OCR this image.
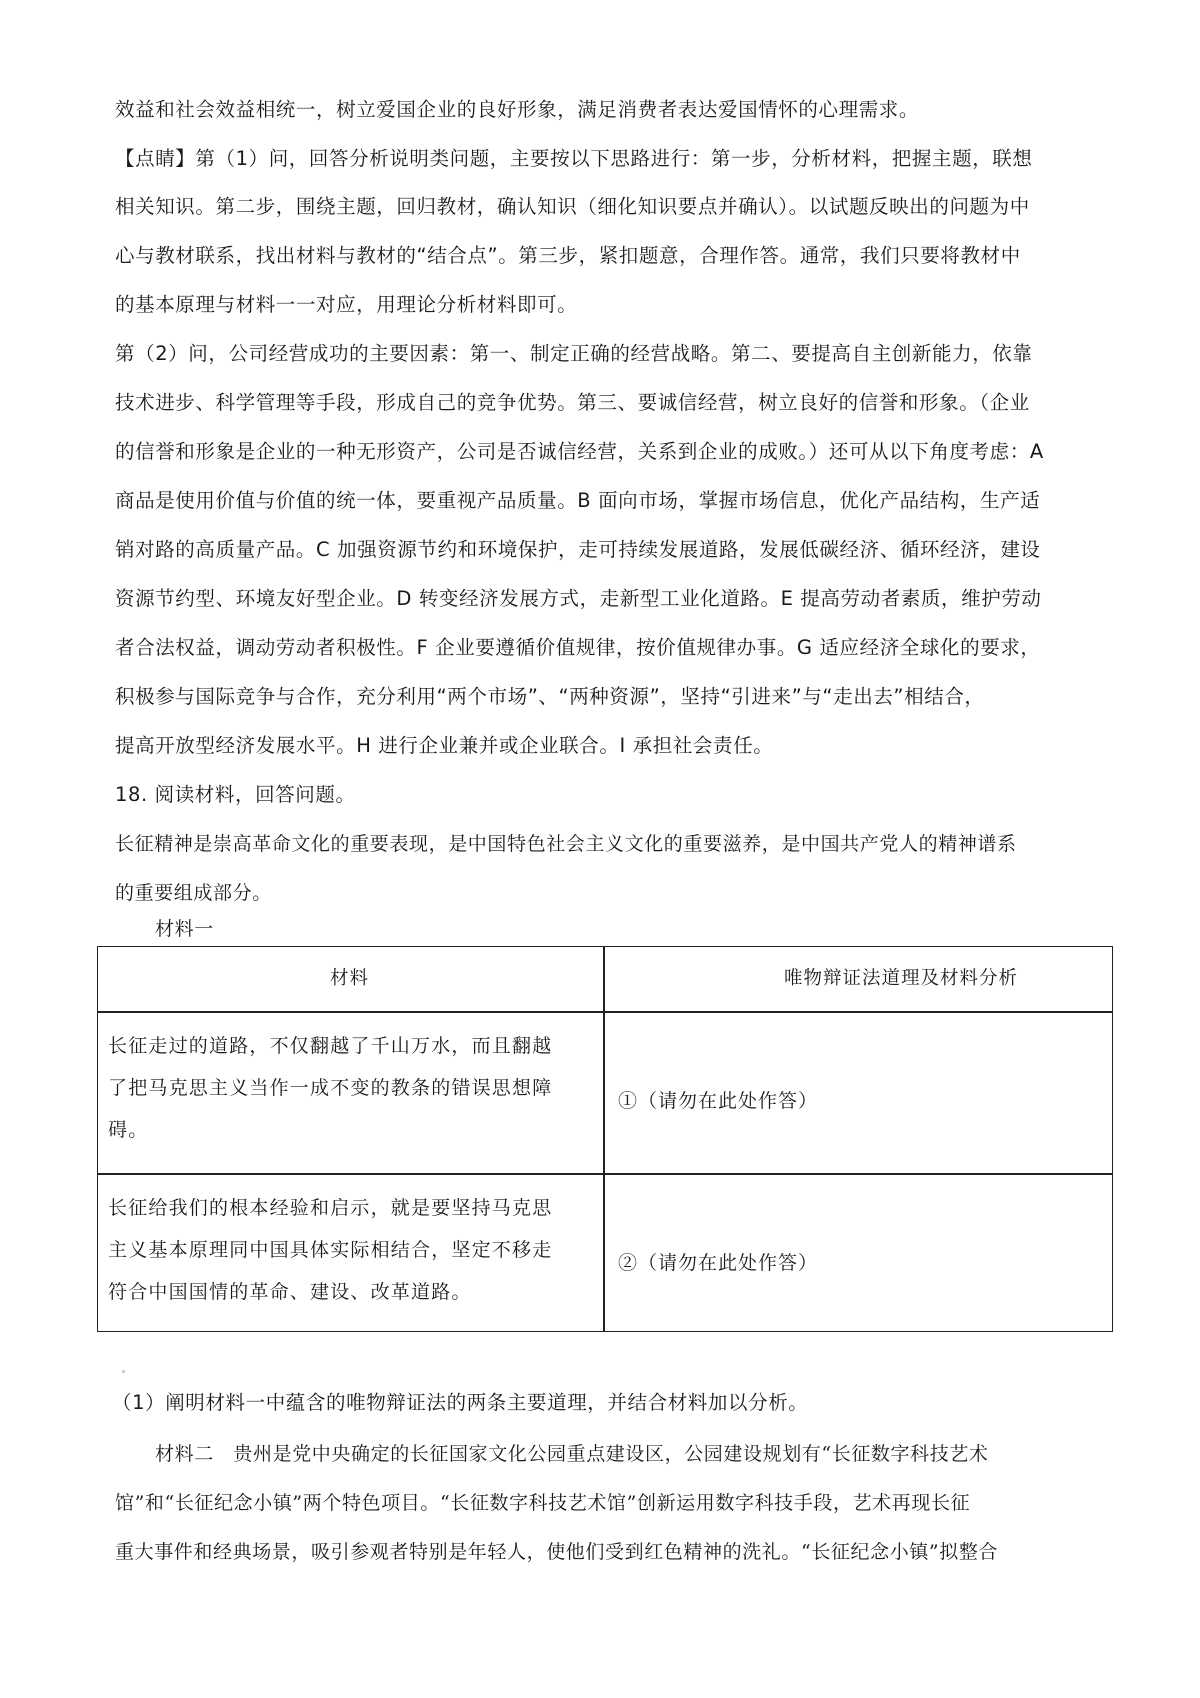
效益和社会效益相统一，树立爱国企业的良好形象，满足消费者表达爱国情怀的心理需求。
【点睛】第（1）问，回答分析说明类问题，主要按以下思路进行：第一步，分析材料，把握主题，联想
相关知识。第二步，围绕主题，回归教材，确认知识（细化知识要点并确认）。以试题反映出的问题为中
心与教材联系，找出材料与教材的“结合点”。第三步，紧扣题意，合理作答。通常，我们只要将教材中
的基本原理与材料一一对应，用理论分析材料即可。
第（2）问，公司经营成功的主要因素：第一、制定正确的经营战略。第二、要提高自主创新能力，依靠
技术进步、科学管理等手段，形成自己的竞争优势。第三、要诚信经营，树立良好的信誉和形象。（企业
的信誉和形象是企业的一种无形资产，公司是否诚信经营，关系到企业的成败。）还可从以下角度考虑：A
商品是使用价值与价值的统一体，要重视产品质量。B 面向市场，掌握市场信息，优化产品结构，生产适
销对路的高质量产品。C 加强资源节约和环境保护，走可持续发展道路，发展低碳经济、循环经济，建设
资源节约型、环境友好型企业。D 转变经济发展方式，走新型工业化道路。E 提高劳动者素质，维护劳动
者合法权益，调动劳动者积极性。F 企业要遵循价值规律，按价值规律办事。G 适应经济全球化的要求，
积极参与国际竞争与合作，充分利用“两个市场”、“两种资源”，坚持“引进来”与“走出去”相结合，
提高开放型经济发展水平。H 进行企业兼并或企业联合。I 承担社会责任。
18. 阅读材料，回答问题。
长征精神是崇高革命文化的重要表现，是中国特色社会主义文化的重要滋养，是中国共产党人的精神谱系
的重要组成部分。
材料一
材料	唯物辩证法道理及材料分析
长征走过的道路，不仅翻越了千山万水，而且翻越
了把马克思主义当作一成不变的教条的错误思想障
碍。
①（请勿在此处作答）
长征给我们的根本经验和启示，就是要坚持马克思
主义基本原理同中国具体实际相结合，坚定不移走
符合中国国情的革命、建设、改革道路。
②（请勿在此处作答）
（1）阐明材料一中蕴含的唯物辩证法的两条主要道理，并结合材料加以分析。
材料二　贵州是党中央确定的长征国家文化公园重点建设区，公园建设规划有“长征数字科技艺术
馆”和“长征纪念小镇”两个特色项目。“长征数字科技艺术馆”创新运用数字科技手段，艺术再现长征
重大事件和经典场景，吸引参观者特别是年轻人，使他们受到红色精神的洗礼。“长征纪念小镇”拟整合
